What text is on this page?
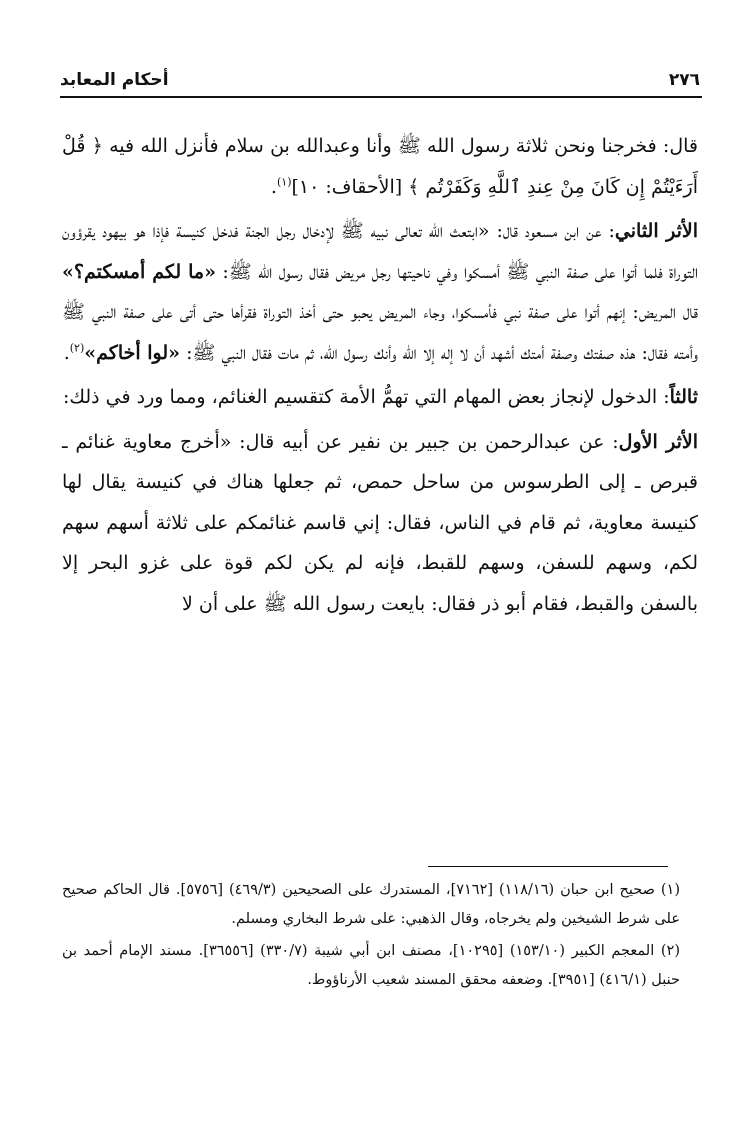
٢٧٦
أحكام المعابد

قال: فخرجنا ونحن ثلاثة رسول الله ﷺ وأنا وعبدالله بن سلام فأنزل الله فيه ﴿ قُلْ أَرَءَيْتُمْ إِن كَانَ مِنْ عِندِ ٱللَّهِ وَكَفَرْتُم ﴾ [الأحقاف: ١٠]$^{(١)}$.

الأثر الثاني: عن ابن مسعود قال: «ابتعث الله تعالى نبيه ﷺ لإدخال رجل الجنة فدخل كنيسة فإذا هو بيهود يقرؤون التوراة فلما أتوا على صفة النبي ﷺ أمسكوا وفي ناحيتها رجل مريض فقال رسول الله ﷺ: «ما لكم أمسكتم؟» قال المريض: إنهم أتوا على صفة نبي فأمسكوا، وجاء المريض يحبو حتى أخذ التوراة فقرأها حتى أتى على صفة النبي ﷺ وأمته فقال: هذه صفتك وصفة أمتك أشهد أن لا إله إلا الله وأنك رسول الله، ثم مات فقال النبي ﷺ: «لوا أخاكم»$^{(٢)}$.

ثالثاً: الدخول لإنجاز بعض المهام التي تهمُّ الأمة كتقسيم الغنائم، ومما ورد في ذلك:

الأثر الأول: عن عبدالرحمن بن جبير بن نفير عن أبيه قال: «أخرج معاوية غنائم ـ قبرص ـ إلى الطرسوس من ساحل حمص، ثم جعلها هناك في كنيسة يقال لها كنيسة معاوية، ثم قام في الناس، فقال: إني قاسم غنائمكم على ثلاثة أسهم سهم لكم، وسهم للسفن، وسهم للقبط، فإنه لم يكن لكم قوة على غزو البحر إلا بالسفن والقبط، فقام أبو ذر فقال: بايعت رسول الله ﷺ على أن لا

(١) صحيح ابن حبان (١١٨/١٦) [٧١٦٢]، المستدرك على الصحيحين (٤٦٩/٣) [٥٧٥٦]. قال الحاكم صحيح على شرط الشيخين ولم يخرجاه، وقال الذهبي: على شرط البخاري ومسلم.

(٢) المعجم الكبير (١٥٣/١٠) [١٠٢٩٥]، مصنف ابن أبي شيبة (٣٣٠/٧) [٣٦٥٥٦]. مسند الإمام أحمد بن حنبل (٤١٦/١) [٣٩٥١]. وضعفه محقق المسند شعيب الأرناؤوط.
